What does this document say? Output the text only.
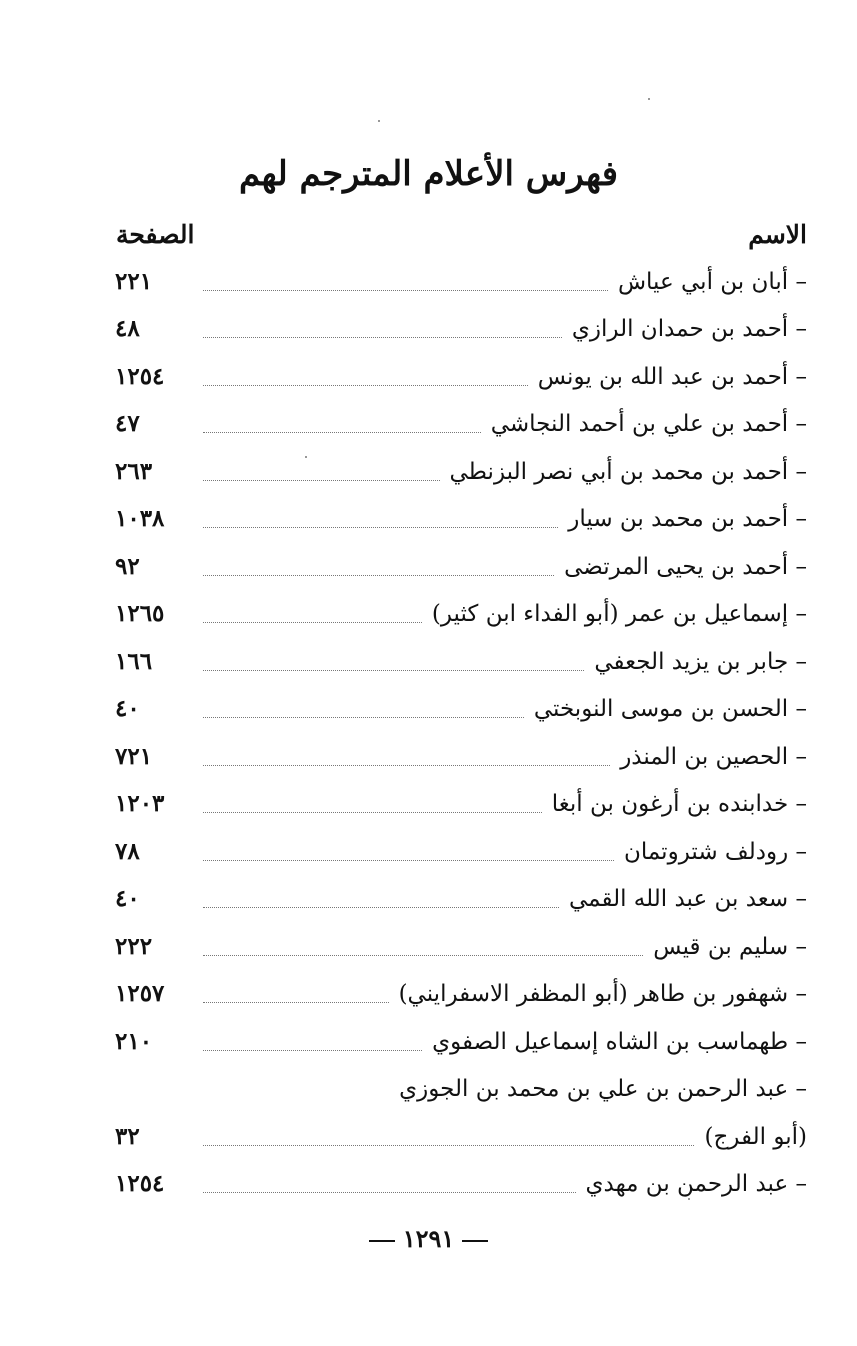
فهرس الأعلام المترجم لهم
الاسم
الصفحة
– أبان بن أبي عياش
٢٢١
– أحمد بن حمدان الرازي
٤٨
– أحمد بن عبد الله بن يونس
١٢٥٤
– أحمد بن علي بن أحمد النجاشي
٤٧
– أحمد بن محمد بن أبي نصر البزنطي
٢٦٣
– أحمد بن محمد بن سيار
١٠٣٨
– أحمد بن يحيى المرتضى
٩٢
– إسماعيل بن عمر (أبو الفداء ابن كثير)
١٢٦٥
– جابر بن يزيد الجعفي
١٦٦
– الحسن بن موسى النوبختي
٤٠
– الحصين بن المنذر
٧٢١
– خدابنده بن أرغون بن أبغا
١٢٠٣
– رودلف شتروتمان
٧٨
– سعد بن عبد الله القمي
٤٠
– سليم بن قيس
٢٢٢
– شهفور بن طاهر (أبو المظفر الاسفرايني)
١٢٥٧
– طهماسب بن الشاه إسماعيل الصفوي
٢١٠
– عبد الرحمن بن علي بن محمد بن الجوزي
(أبو الفرج)
٣٢
– عبد الرحمن بن مهدي
١٢٥٤
١٢٩١
